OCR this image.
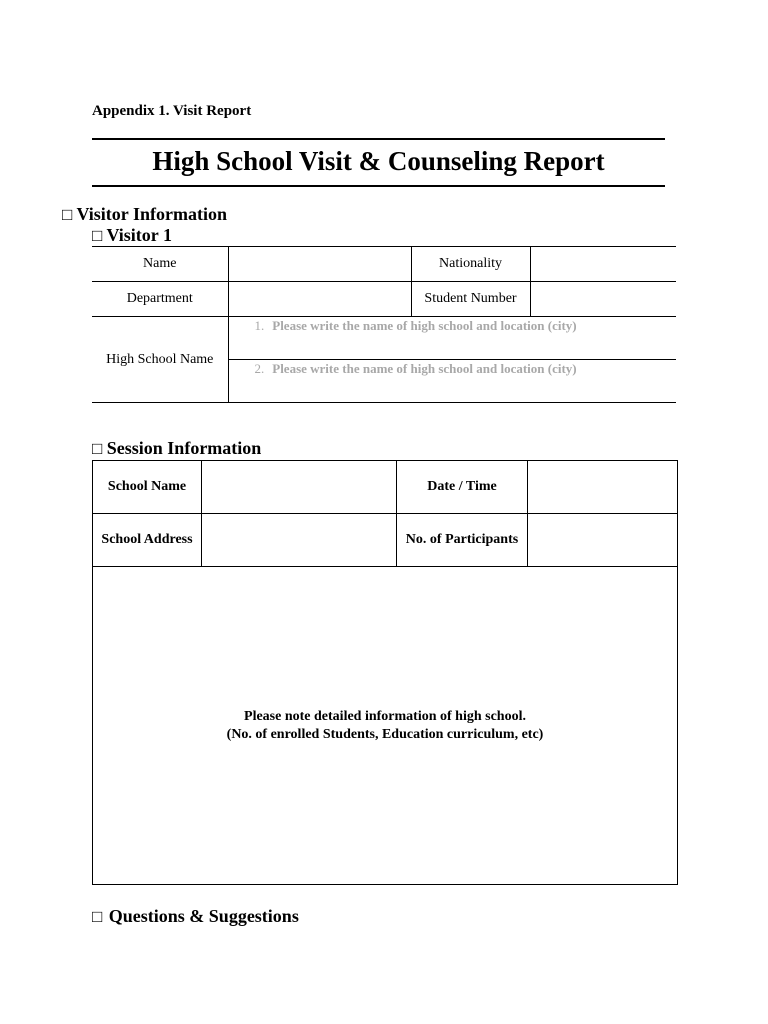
Appendix 1. Visit Report
High School Visit & Counseling Report
□ Visitor Information
□ Visitor 1
Name		Nationality	
Department		Student Number	
High School Name	1. Please write the name of high school and location (city)		

	2. Please write the name of high school and location (city)		
□ Session Information
School Name		Date / Time	
School Address		No. of Participants	

Please note detailed information of high school.
(No. of enrolled Students, Education curriculum, etc)			
□ Questions & Suggestions
